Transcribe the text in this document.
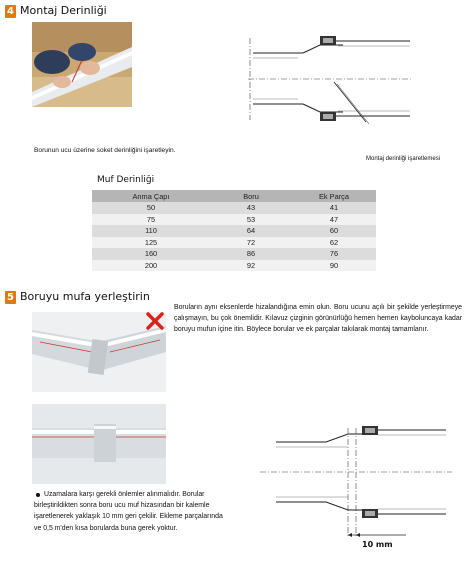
4 Montaj Derinliği
Borunun ucu üzerine soket derinliğini işaretleyin.
Montaj derinliği işaretlemesi
Muf Derinliği
Anma Çapı	Boru	Ek Parça
50	43	41
75	53	47
110	64	60
125	72	62
160	86	76
200	92	90
5 Boruyu mufa yerleştirin
Boruların aynı eksenlerde hizalandığına emin olun. Boru ucunu açılı bir şekilde yerleştirmeye çalışmayın, bu çok önemlidir. Kılavuz çizginin görünürlüğü hemen hemen kayboluncaya kadar boruyu mufun içine itin. Böylece borular ve ek parçalar takılarak montaj tamamlanır.
10 mm
Uzamalara karşı gerekli önlemler alınmalıdır. Borular birleştirildikten sonra boru ucu muf hizasından bir kalemle işaretlenerek yaklaşık 10 mm geri çekilir. Ekleme parçalarında ve 0,5 m'den kısa borularda buna gerek yoktur.
